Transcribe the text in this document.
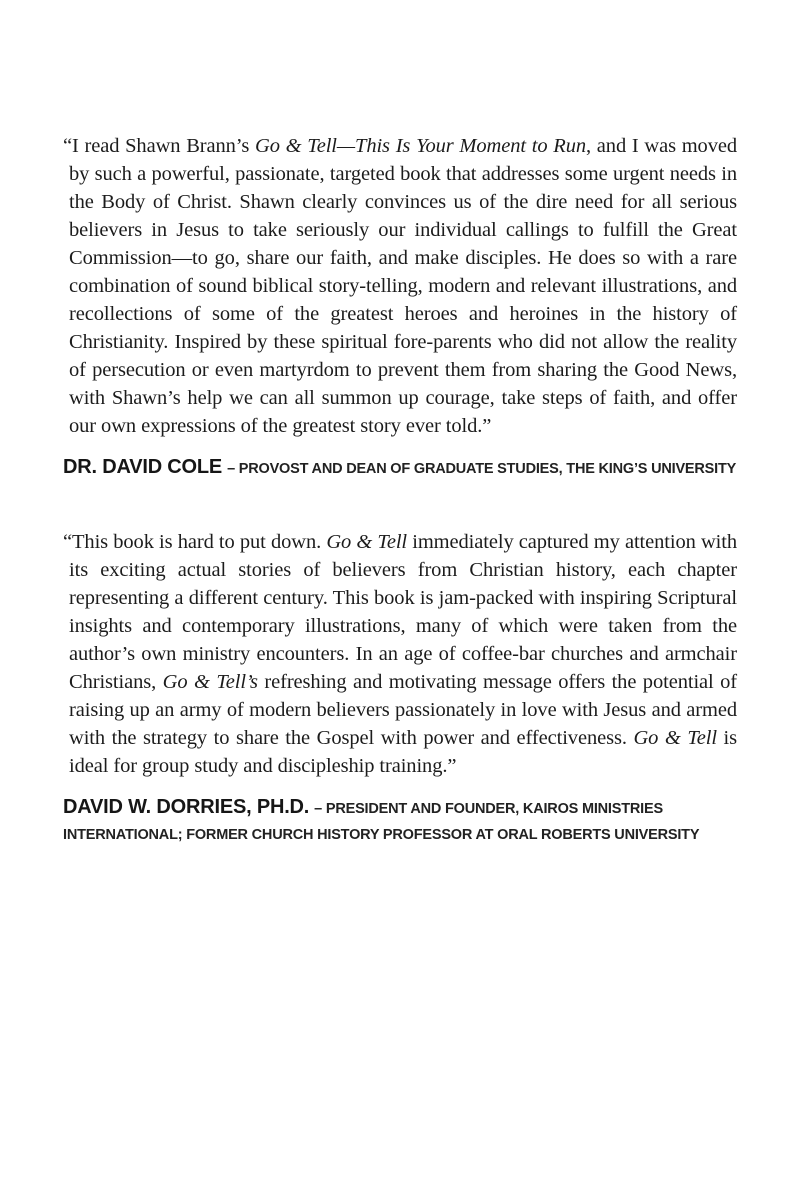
“I read Shawn Brann’s Go & Tell—This Is Your Moment to Run, and I was moved by such a powerful, passionate, targeted book that addresses some urgent needs in the Body of Christ. Shawn clearly convinces us of the dire need for all serious believers in Jesus to take seriously our individual callings to fulfill the Great Commission—to go, share our faith, and make disciples. He does so with a rare combination of sound biblical story-telling, modern and relevant illustrations, and recollections of some of the greatest heroes and heroines in the history of Christianity. Inspired by these spiritual fore-parents who did not allow the reality of persecution or even martyrdom to prevent them from sharing the Good News, with Shawn’s help we can all summon up courage, take steps of faith, and offer our own expressions of the greatest story ever told.”

DR. DAVID COLE – PROVOST AND DEAN OF GRADUATE STUDIES, THE KING’S UNIVERSITY

“This book is hard to put down. Go & Tell immediately captured my attention with its exciting actual stories of believers from Christian history, each chapter representing a different century. This book is jam-packed with inspiring Scriptural insights and contemporary illustrations, many of which were taken from the author’s own ministry encounters. In an age of coffee-bar churches and armchair Christians, Go & Tell’s refreshing and motivating message offers the potential of raising up an army of modern believers passionately in love with Jesus and armed with the strategy to share the Gospel with power and effectiveness. Go & Tell is ideal for group study and discipleship training.”

DAVID W. DORRIES, PH.D. – PRESIDENT AND FOUNDER, KAIROS MINISTRIES INTERNATIONAL; FORMER CHURCH HISTORY PROFESSOR AT ORAL ROBERTS UNIVERSITY
